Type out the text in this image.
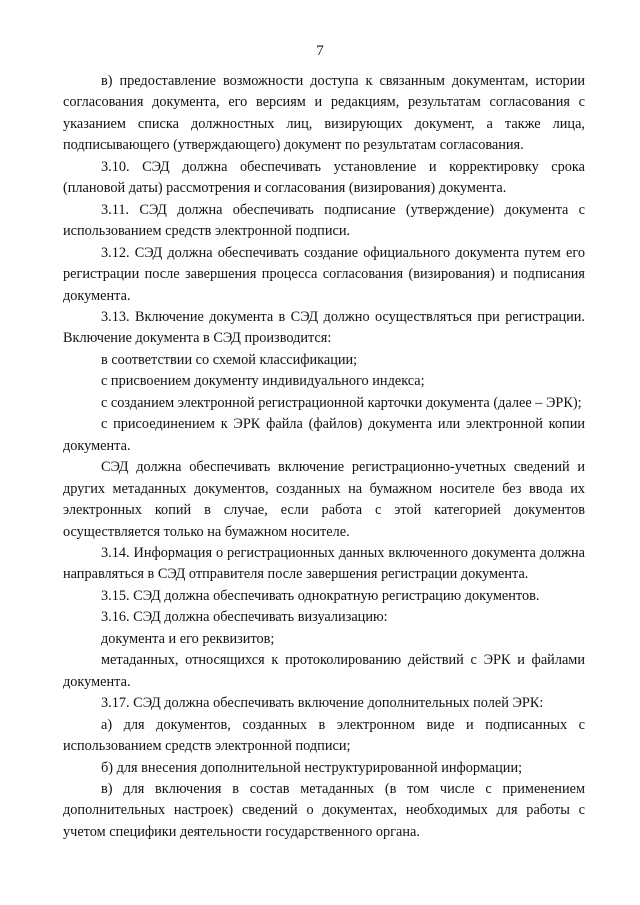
7

в) предоставление возможности доступа к связанным документам, истории согласования документа, его версиям и редакциям, результатам согласования с указанием списка должностных лиц, визирующих документ, а также лица, подписывающего (утверждающего) документ по результатам согласования.

3.10. СЭД должна обеспечивать установление и корректировку срока (плановой даты) рассмотрения и согласования (визирования) документа.

3.11. СЭД должна обеспечивать подписание (утверждение) документа с использованием средств электронной подписи.

3.12. СЭД должна обеспечивать создание официального документа путем его регистрации после завершения процесса согласования (визирования) и подписания документа.

3.13. Включение документа в СЭД должно осуществляться при регистрации. Включение документа в СЭД производится:

в соответствии со схемой классификации;

с присвоением документу индивидуального индекса;

с созданием электронной регистрационной карточки документа (далее – ЭРК);

с присоединением к ЭРК файла (файлов) документа или электронной копии документа.

СЭД должна обеспечивать включение регистрационно-учетных сведений и других метаданных документов, созданных на бумажном носителе без ввода их электронных копий в случае, если работа с этой категорией документов осуществляется только на бумажном носителе.

3.14. Информация о регистрационных данных включенного документа должна направляться в СЭД отправителя после завершения регистрации документа.

3.15. СЭД должна обеспечивать однократную регистрацию документов.

3.16. СЭД должна обеспечивать визуализацию:

документа и его реквизитов;

метаданных, относящихся к протоколированию действий с ЭРК и файлами документа.

3.17. СЭД должна обеспечивать включение дополнительных полей ЭРК:

а) для документов, созданных в электронном виде и подписанных с использованием средств электронной подписи;

б) для внесения дополнительной неструктурированной информации;

в) для включения в состав метаданных (в том числе с применением дополнительных настроек) сведений о документах, необходимых для работы с учетом специфики деятельности государственного органа.
